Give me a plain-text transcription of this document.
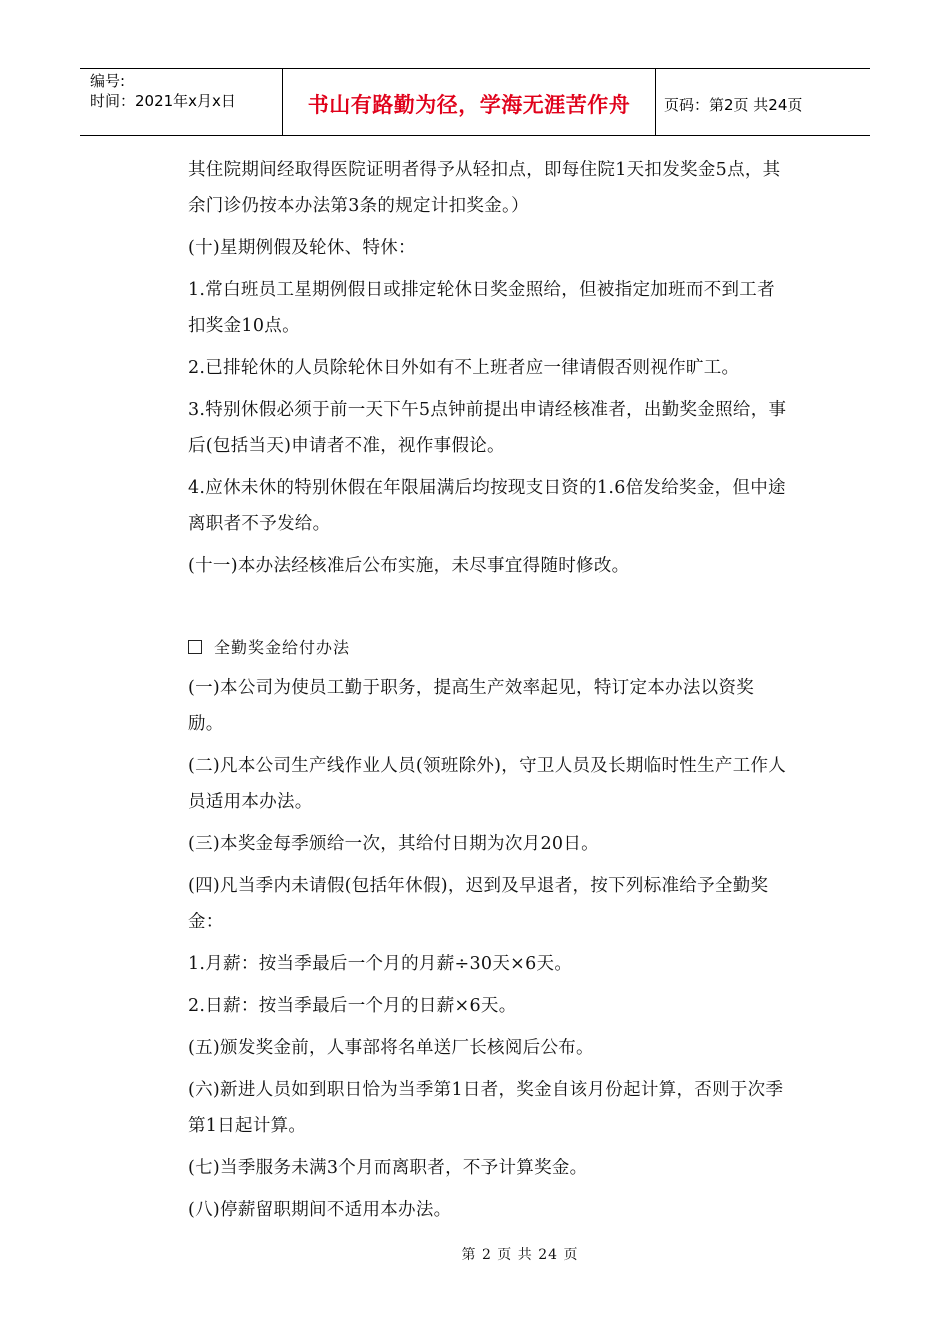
编号:
时间：2021年x月x日	书山有路勤为径，学海无涯苦作舟	页码：第2页 共24页

其住院期间经取得医院证明者得予从轻扣点，即每住院1天扣发奖金5点，其余门诊仍按本办法第3条的规定计扣奖金。）

(十)星期例假及轮休、特休：

1.常白班员工星期例假日或排定轮休日奖金照给，但被指定加班而不到工者扣奖金10点。

2.已排轮休的人员除轮休日外如有不上班者应一律请假否则视作旷工。

3.特别休假必须于前一天下午5点钟前提出申请经核准者，出勤奖金照给，事后(包括当天)申请者不准，视作事假论。

4.应休未休的特别休假在年限届满后均按现支日资的1.6倍发给奖金，但中途离职者不予发给。

(十一)本办法经核准后公布实施，未尽事宜得随时修改。

全勤奖金给付办法

(一)本公司为使员工勤于职务，提高生产效率起见，特订定本办法以资奖励。

(二)凡本公司生产线作业人员(领班除外)，守卫人员及长期临时性生产工作人员适用本办法。

(三)本奖金每季颁给一次，其给付日期为次月20日。

(四)凡当季内未请假(包括年休假)，迟到及早退者，按下列标准给予全勤奖金：

1.月薪：按当季最后一个月的月薪÷30天×6天。

2.日薪：按当季最后一个月的日薪×6天。

(五)颁发奖金前，人事部将名单送厂长核阅后公布。

(六)新进人员如到职日恰为当季第1日者，奖金自该月份起计算，否则于次季第1日起计算。

(七)当季服务未满3个月而离职者，不予计算奖金。

(八)停薪留职期间不适用本办法。

第 2 页 共 24 页
